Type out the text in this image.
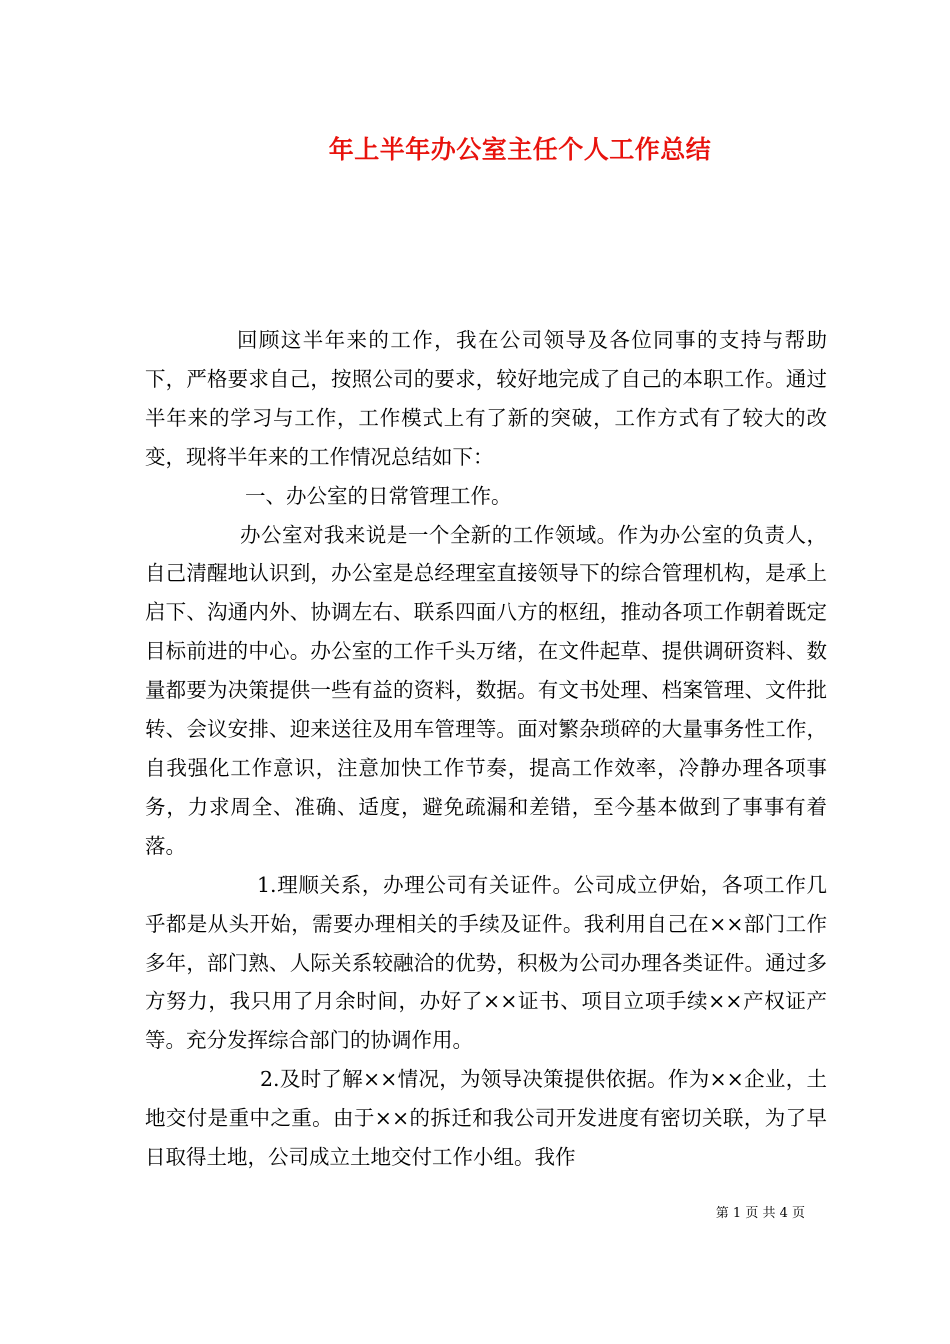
年上半年办公室主任个人工作总结

回顾这半年来的工作，我在公司领导及各位同事的支持与帮助下，严格要求自己，按照公司的要求，较好地完成了自己的本职工作。通过半年来的学习与工作，工作模式上有了新的突破，工作方式有了较大的改变，现将半年来的工作情况总结如下：

一、办公室的日常管理工作。

办公室对我来说是一个全新的工作领域。作为办公室的负责人，自己清醒地认识到，办公室是总经理室直接领导下的综合管理机构，是承上启下、沟通内外、协调左右、联系四面八方的枢纽，推动各项工作朝着既定目标前进的中心。办公室的工作千头万绪，在文件起草、提供调研资料、数量都要为决策提供一些有益的资料，数据。有文书处理、档案管理、文件批转、会议安排、迎来送往及用车管理等。面对繁杂琐碎的大量事务性工作，自我强化工作意识，注意加快工作节奏，提高工作效率，冷静办理各项事务，力求周全、准确、适度，避免疏漏和差错，至今基本做到了事事有着落。

1.理顺关系，办理公司有关证件。公司成立伊始，各项工作几乎都是从头开始，需要办理相关的手续及证件。我利用自己在××部门工作多年，部门熟、人际关系较融洽的优势，积极为公司办理各类证件。通过多方努力，我只用了月余时间，办好了××证书、项目立项手续××产权证产等。充分发挥综合部门的协调作用。

2.及时了解××情况，为领导决策提供依据。作为××企业，土地交付是重中之重。由于××的拆迁和我公司开发进度有密切关联，为了早日取得土地，公司成立土地交付工作小组。我作

第 1 页 共 4 页
